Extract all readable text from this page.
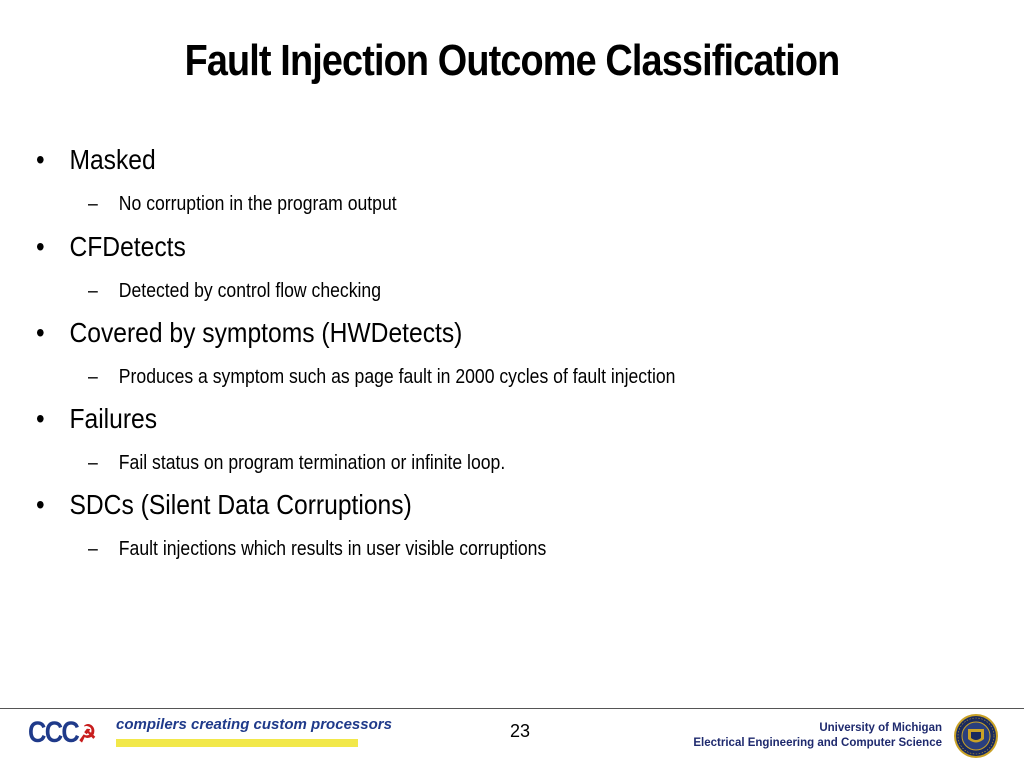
Fault Injection Outcome Classification
• Masked
– No corruption in the program output
• CFDetects
– Detected by control flow checking
• Covered by symptoms (HWDetects)
– Produces a symptom such as page fault in 2000 cycles of fault injection
• Failures
– Fail status on program termination or infinite loop.
• SDCs (Silent Data Corruptions)
– Fault injections which results in user visible corruptions
CCC☭ compilers creating custom processors	23	University of Michigan
Electrical Engineering and Computer Science
